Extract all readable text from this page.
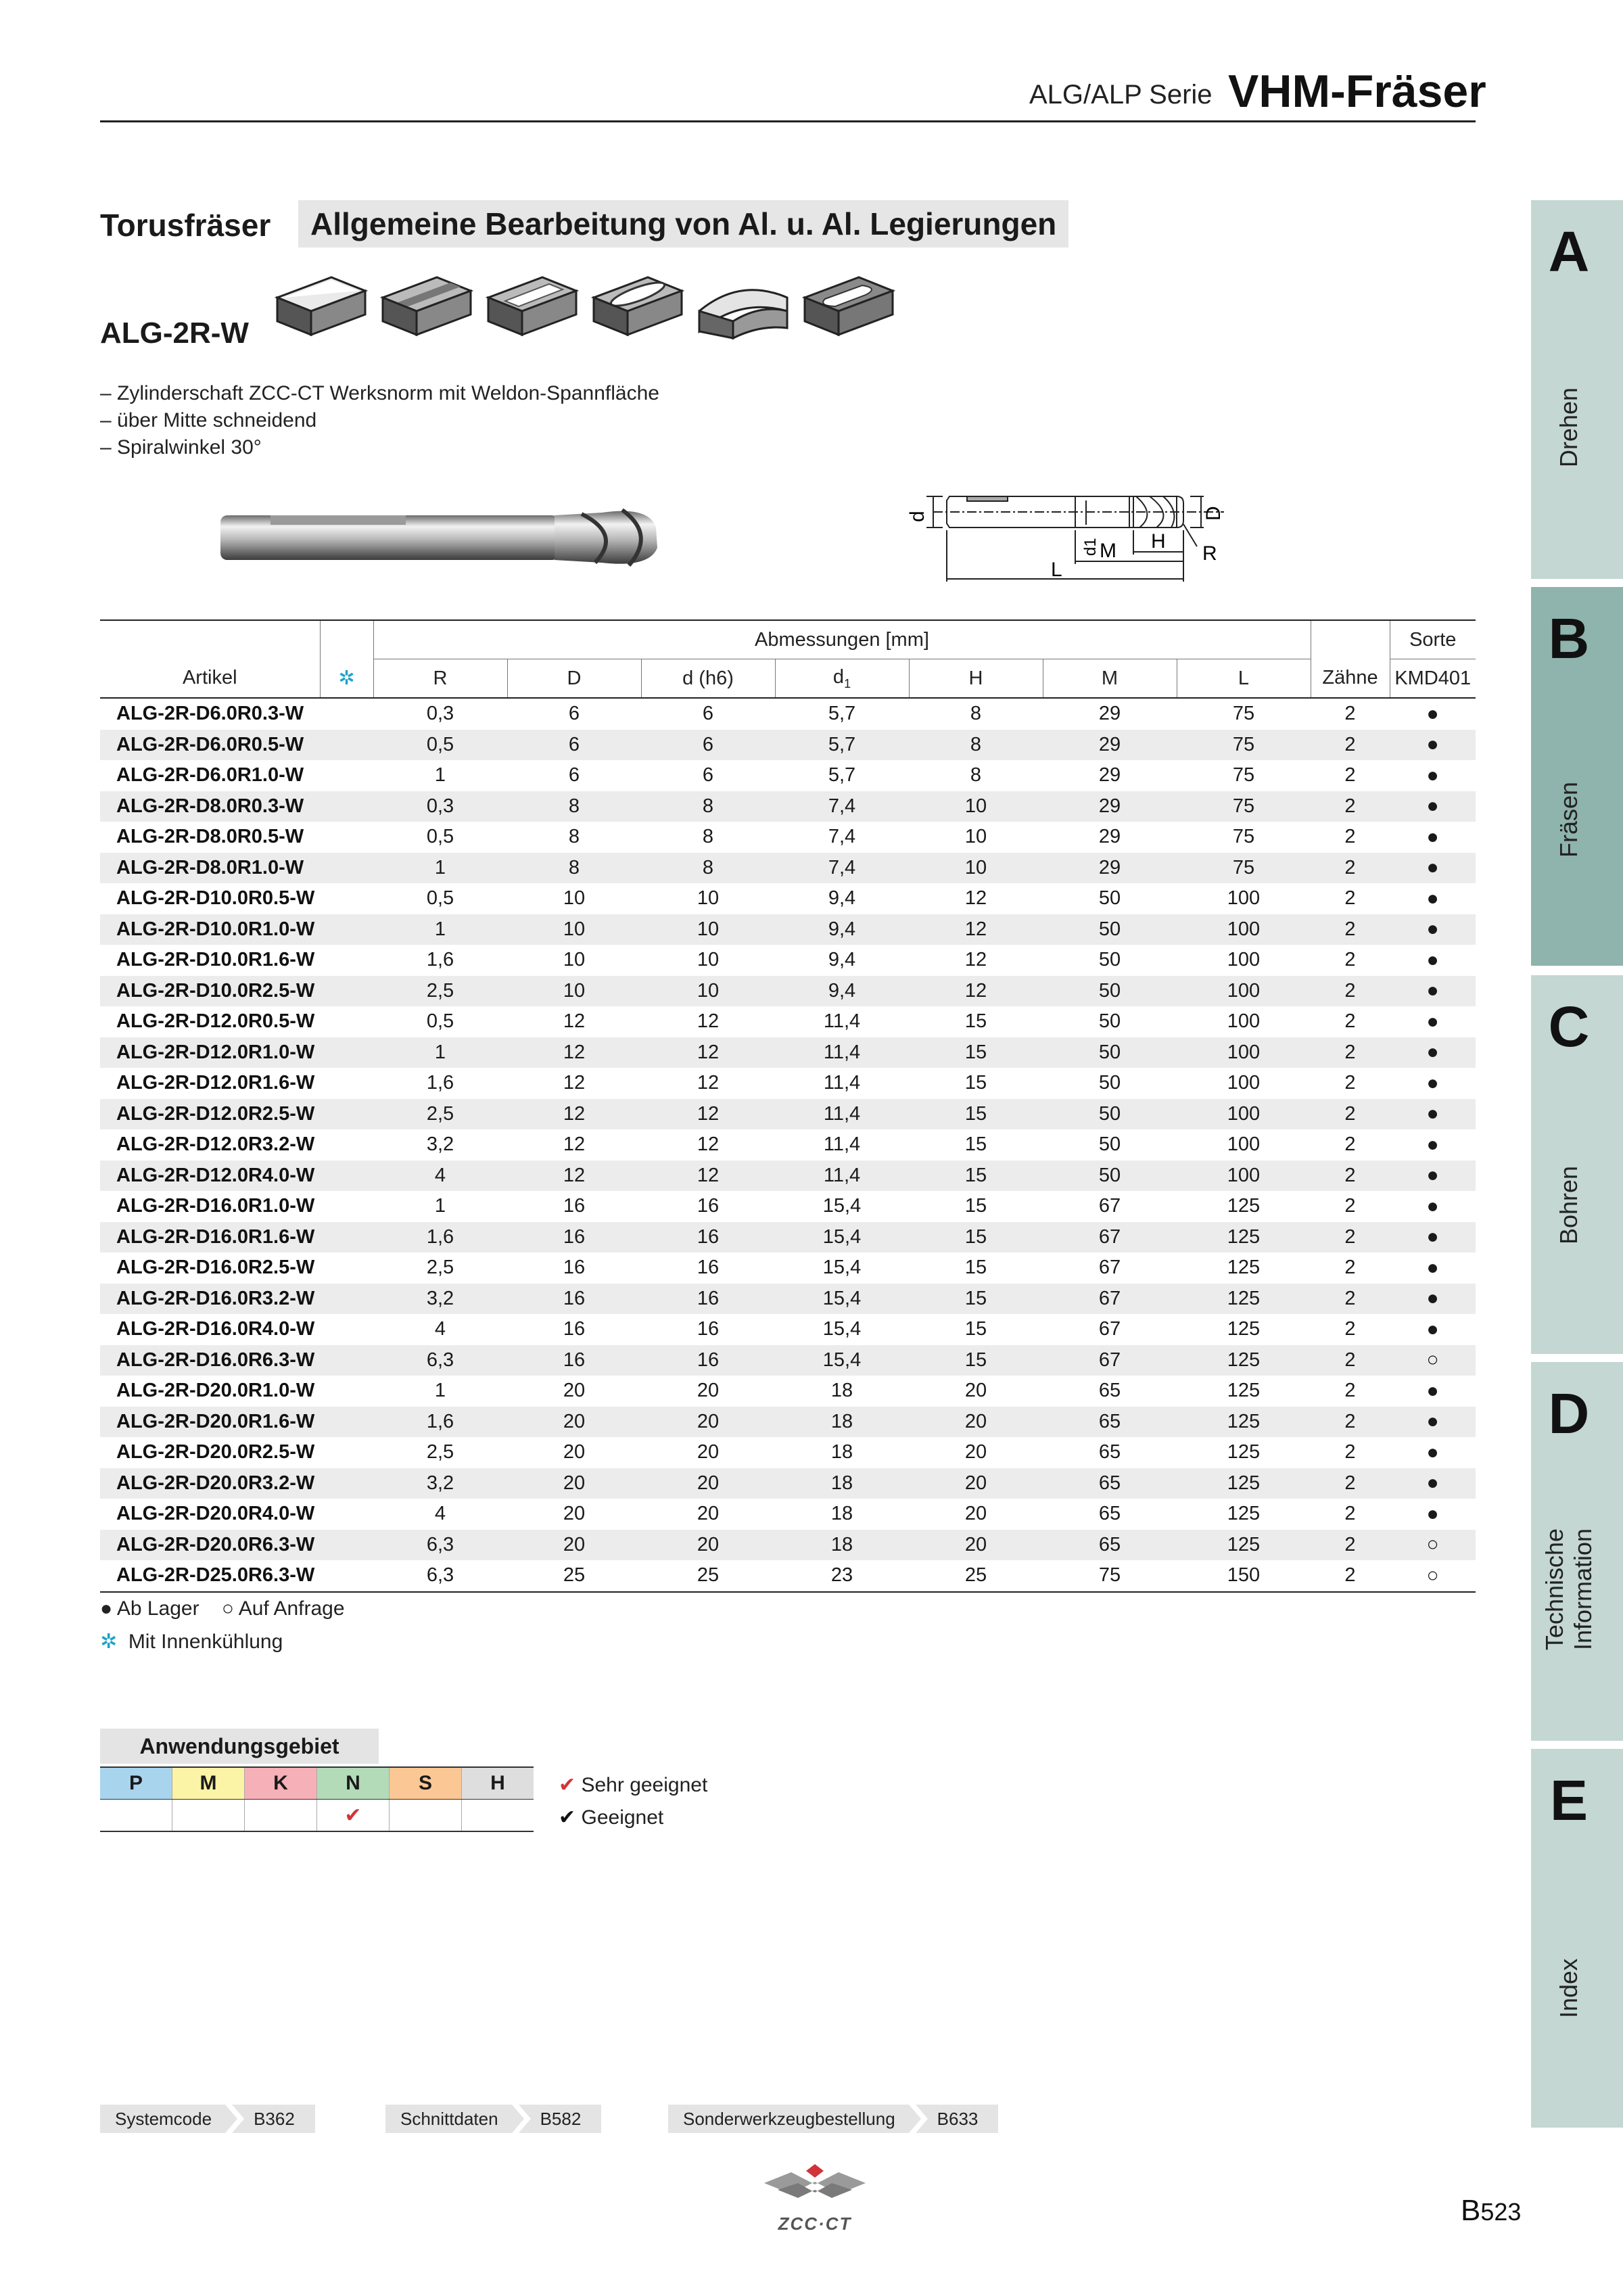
ALG/ALP Serie VHM-Fräser
Torusfräser	Allgemeine Bearbeitung von Al. u. Al. Legierungen
ALG-2R-W
– Zylinderschaft ZCC-CT Werksnorm mit Weldon-Spannfläche
– über Mitte schneidend
– Spiralwinkel 30°
d
d1 M H
L
D
R
		Abmessungen [mm]								Sorte
Artikel	✲	R	D	d (h6)	$d_1$	H	M	L	Zähne	KMD401
ALG-2R-D6.0R0.3-W		0,3	6	6	5,7	8	29	75	2	●
ALG-2R-D6.0R0.5-W		0,5	6	6	5,7	8	29	75	2	●
ALG-2R-D6.0R1.0-W		1	6	6	5,7	8	29	75	2	●
ALG-2R-D8.0R0.3-W		0,3	8	8	7,4	10	29	75	2	●
ALG-2R-D8.0R0.5-W		0,5	8	8	7,4	10	29	75	2	●
ALG-2R-D8.0R1.0-W		1	8	8	7,4	10	29	75	2	●
ALG-2R-D10.0R0.5-W		0,5	10	10	9,4	12	50	100	2	●
ALG-2R-D10.0R1.0-W		1	10	10	9,4	12	50	100	2	●
ALG-2R-D10.0R1.6-W		1,6	10	10	9,4	12	50	100	2	●
ALG-2R-D10.0R2.5-W		2,5	10	10	9,4	12	50	100	2	●
ALG-2R-D12.0R0.5-W		0,5	12	12	11,4	15	50	100	2	●
ALG-2R-D12.0R1.0-W		1	12	12	11,4	15	50	100	2	●
ALG-2R-D12.0R1.6-W		1,6	12	12	11,4	15	50	100	2	●
ALG-2R-D12.0R2.5-W		2,5	12	12	11,4	15	50	100	2	●
ALG-2R-D12.0R3.2-W		3,2	12	12	11,4	15	50	100	2	●
ALG-2R-D12.0R4.0-W		4	12	12	11,4	15	50	100	2	●
ALG-2R-D16.0R1.0-W		1	16	16	15,4	15	67	125	2	●
ALG-2R-D16.0R1.6-W		1,6	16	16	15,4	15	67	125	2	●
ALG-2R-D16.0R2.5-W		2,5	16	16	15,4	15	67	125	2	●
ALG-2R-D16.0R3.2-W		3,2	16	16	15,4	15	67	125	2	●
ALG-2R-D16.0R4.0-W		4	16	16	15,4	15	67	125	2	●
ALG-2R-D16.0R6.3-W		6,3	16	16	15,4	15	67	125	2	○
ALG-2R-D20.0R1.0-W		1	20	20	18	20	65	125	2	●
ALG-2R-D20.0R1.6-W		1,6	20	20	18	20	65	125	2	●
ALG-2R-D20.0R2.5-W		2,5	20	20	18	20	65	125	2	●
ALG-2R-D20.0R3.2-W		3,2	20	20	18	20	65	125	2	●
ALG-2R-D20.0R4.0-W		4	20	20	18	20	65	125	2	●
ALG-2R-D20.0R6.3-W		6,3	20	20	18	20	65	125	2	○
ALG-2R-D25.0R6.3-W		6,3	25	25	23	25	75	150	2	○
● Ab Lager ○ Auf Anfrage
✲ Mit Innenkühlung
Anwendungsgebiet
P	M	K	N	S	H
			✔		
✔ Sehr geeignet
✔ Geeignet
A
Drehen
B
Fräsen
C
Bohren
D
Technische Information
E
Index
Systemcode	B362	Schnittdaten	B582	Sonderwerkzeugbestellung	B633
ZCC·CT	B523
